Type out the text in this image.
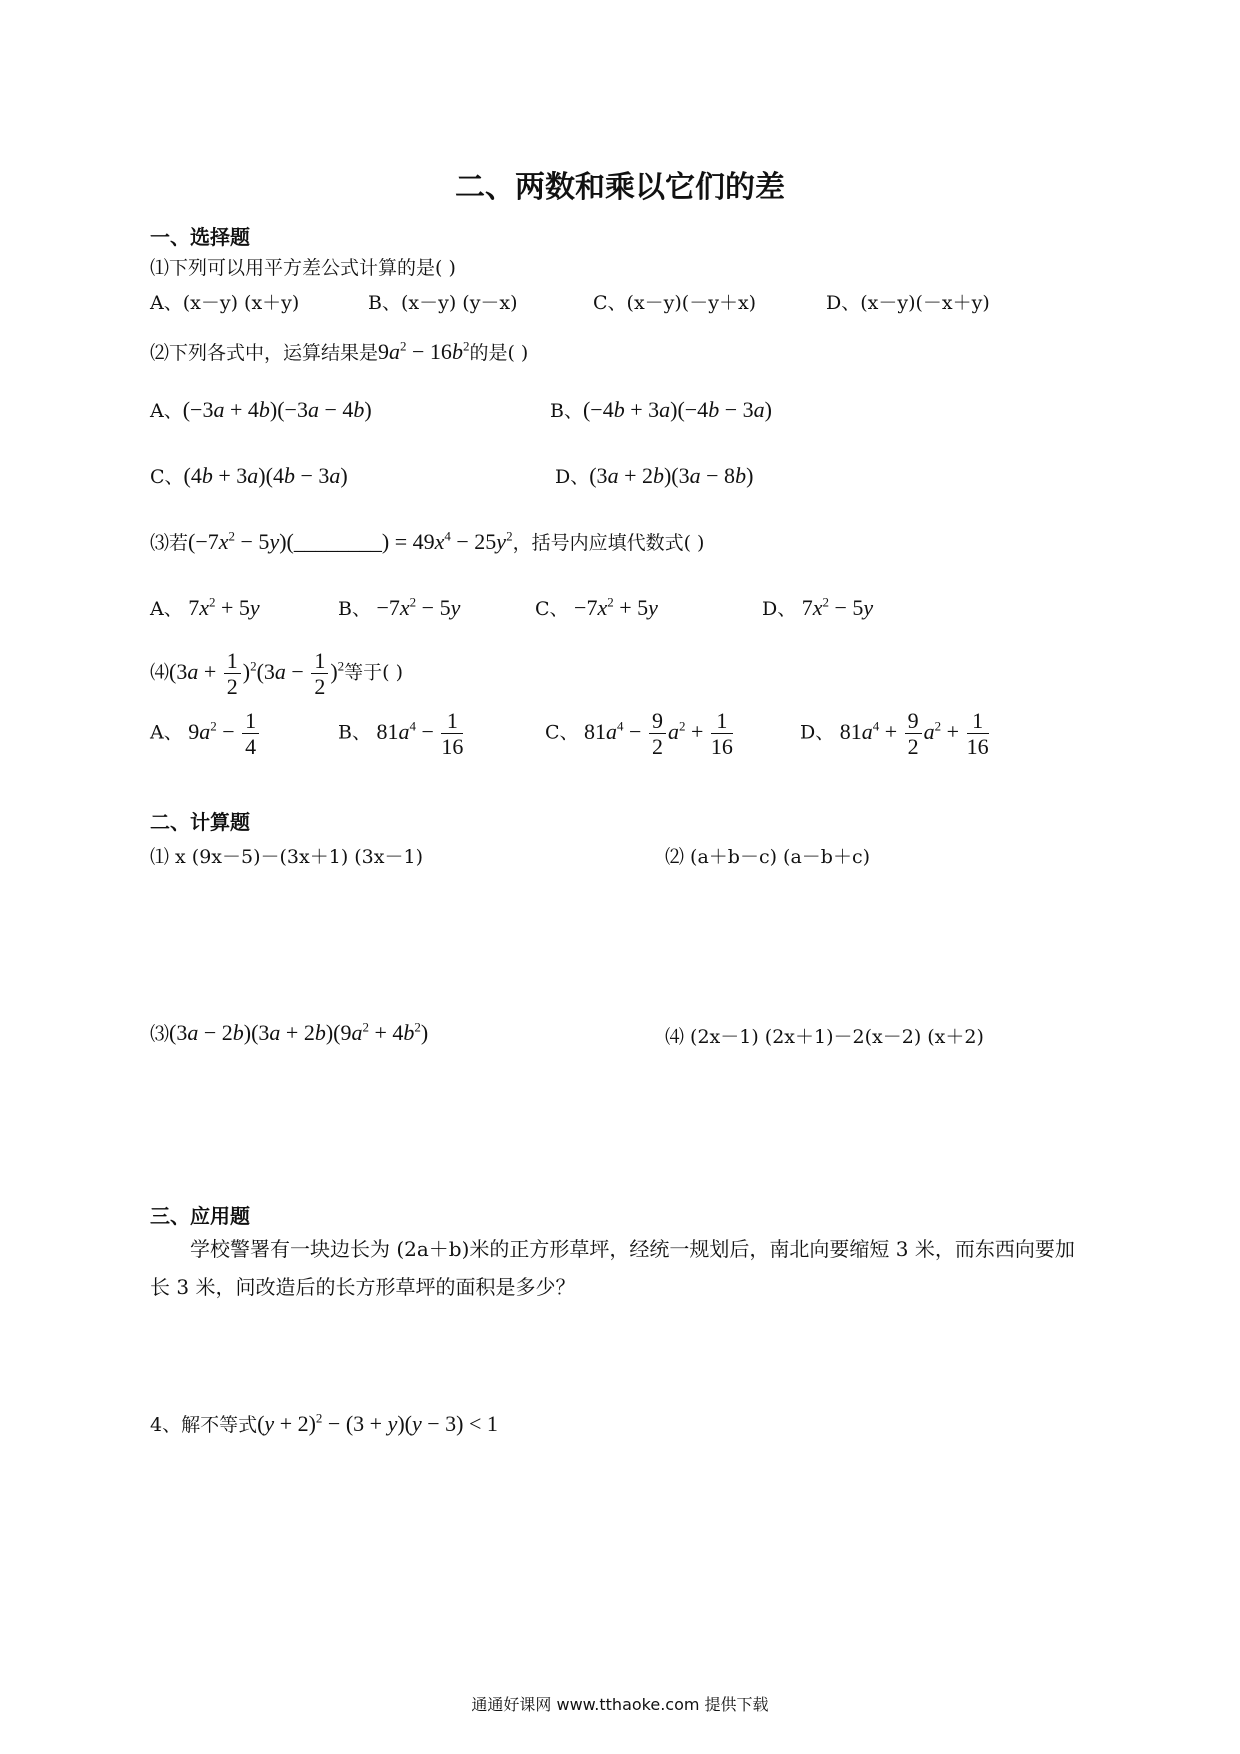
二、两数和乘以它们的差
一、选择题
⑴下列可以用平方差公式计算的是( )
A、(x－y) (x＋y)	B、(x－y) (y－x)	C、(x－y)(－y＋x)	D、(x－y)(－x＋y)
⑵下列各式中，运算结果是$9a^2 - 16b^2$的是( )
A、(−3a + 4b)(−3a − 4b)	B、(−4b + 3a)(−4b − 3a)
C、(4b + 3a)(4b − 3a)	D、(3a + 2b)(3a − 8b)
⑶若($-7x^2$ − 5y)(________) = $49x^4 - 25y^2$，括号内应填代数式( )
A、 $7x^2 + 5y$	B、 $-7x^2 - 5y$	C、 $-7x^2 + 5y$	D、 $7x^2 - 5y$
⑷(3a + $\frac{1}{2} )^2(3a - \frac{1}{2} )^2$等于( )
A、 $9a^2 - \frac{1}{4}$	B、 $81a^4 - \frac{1}{16}$	C、 $81a^4 - \frac{9}{2} a^2 + \frac{1}{16}$	D、 $81a^4 + \frac{9}{2} a^2 + \frac{1}{16}$
二、计算题
⑴ x (9x－5)－(3x＋1) (3x－1)	⑵ (a＋b－c) (a－b＋c)
⑶(3a − $2b)(3a + 2b)(9a^2 + 4b^2)$	⑷ (2x－1) (2x＋1)－2(x－2) (x＋2)
三、应用题
学校警署有一块边长为 (2a＋b)米的正方形草坪，经统一规划后，南北向要缩短 3 米，而东西向要加长 3 米，问改造后的长方形草坪的面积是多少？
4、解不等式$(y + 2)^2 - (3 + y)(y - 3) < 1$
通通好课网 www.tthaoke.com 提供下载
